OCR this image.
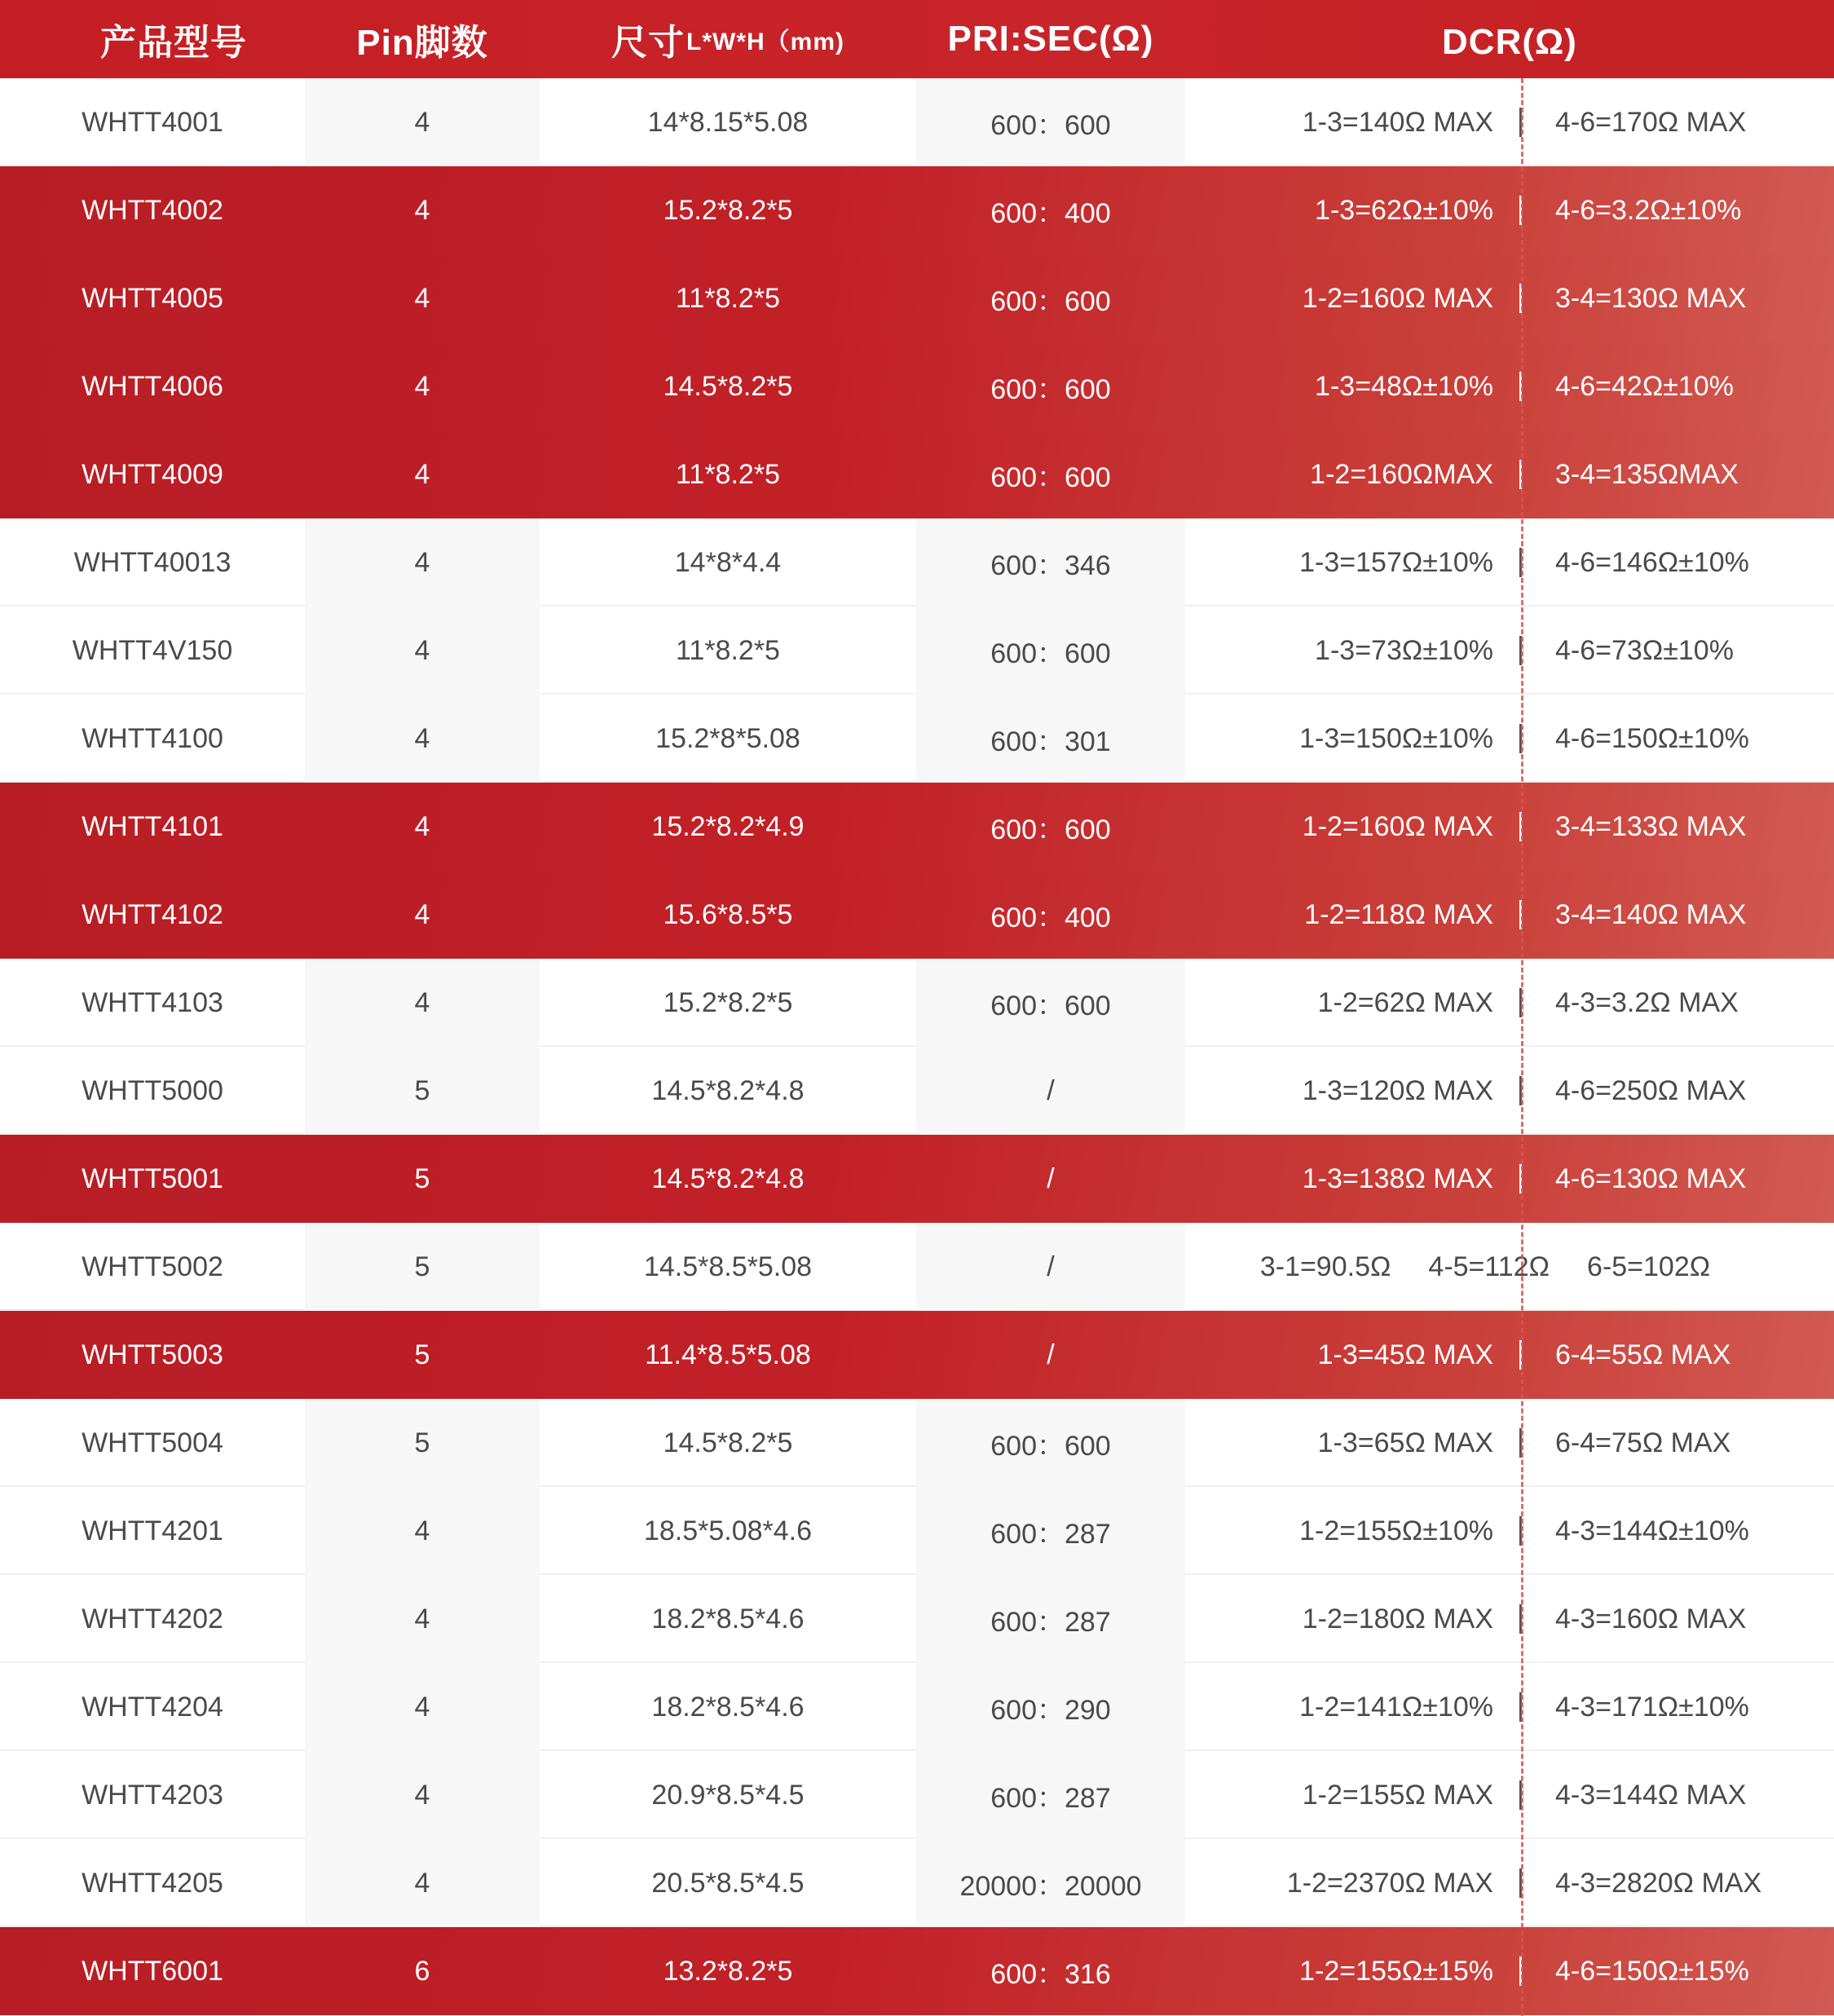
产品型号	Pin脚数	尺寸 L*W*H（mm)	PRI:SEC(Ω)	DCR(Ω)
WHTT4001	4	14*8.15*5.08	600：600	1-3=140Ω MAX	4-6=170Ω MAX
WHTT4002	4	15.2*8.2*5	600：400	1-3=62Ω±10%	4-6=3.2Ω±10%
WHTT4005	4	11*8.2*5	600：600	1-2=160Ω MAX	3-4=130Ω MAX
WHTT4006	4	14.5*8.2*5	600：600	1-3=48Ω±10%	4-6=42Ω±10%
WHTT4009	4	11*8.2*5	600：600	1-2=160ΩMAX	3-4=135ΩMAX
WHTT40013	4	14*8*4.4	600：346	1-3=157Ω±10%	4-6=146Ω±10%
WHTT4V150	4	11*8.2*5	600：600	1-3=73Ω±10%	4-6=73Ω±10%
WHTT4100	4	15.2*8*5.08	600：301	1-3=150Ω±10%	4-6=150Ω±10%
WHTT4101	4	15.2*8.2*4.9	600：600	1-2=160Ω MAX	3-4=133Ω MAX
WHTT4102	4	15.6*8.5*5	600：400	1-2=118Ω MAX	3-4=140Ω MAX
WHTT4103	4	15.2*8.2*5	600：600	1-2=62Ω MAX	4-3=3.2Ω MAX
WHTT5000	5	14.5*8.2*4.8	/	1-3=120Ω MAX	4-6=250Ω MAX
WHTT5001	5	14.5*8.2*4.8	/	1-3=138Ω MAX	4-6=130Ω MAX
WHTT5002	5	14.5*8.5*5.08	/	3-1=90.5Ω 4-5=112Ω 6-5=102Ω
WHTT5003	5	11.4*8.5*5.08	/	1-3=45Ω MAX	6-4=55Ω MAX
WHTT5004	5	14.5*8.2*5	600：600	1-3=65Ω MAX	6-4=75Ω MAX
WHTT4201	4	18.5*5.08*4.6	600：287	1-2=155Ω±10%	4-3=144Ω±10%
WHTT4202	4	18.2*8.5*4.6	600：287	1-2=180Ω MAX	4-3=160Ω MAX
WHTT4204	4	18.2*8.5*4.6	600：290	1-2=141Ω±10%	4-3=171Ω±10%
WHTT4203	4	20.9*8.5*4.5	600：287	1-2=155Ω MAX	4-3=144Ω MAX
WHTT4205	4	20.5*8.5*4.5	20000：20000	1-2=2370Ω MAX	4-3=2820Ω MAX
WHTT6001	6	13.2*8.2*5	600：316	1-2=155Ω±15%	4-6=150Ω±15%
